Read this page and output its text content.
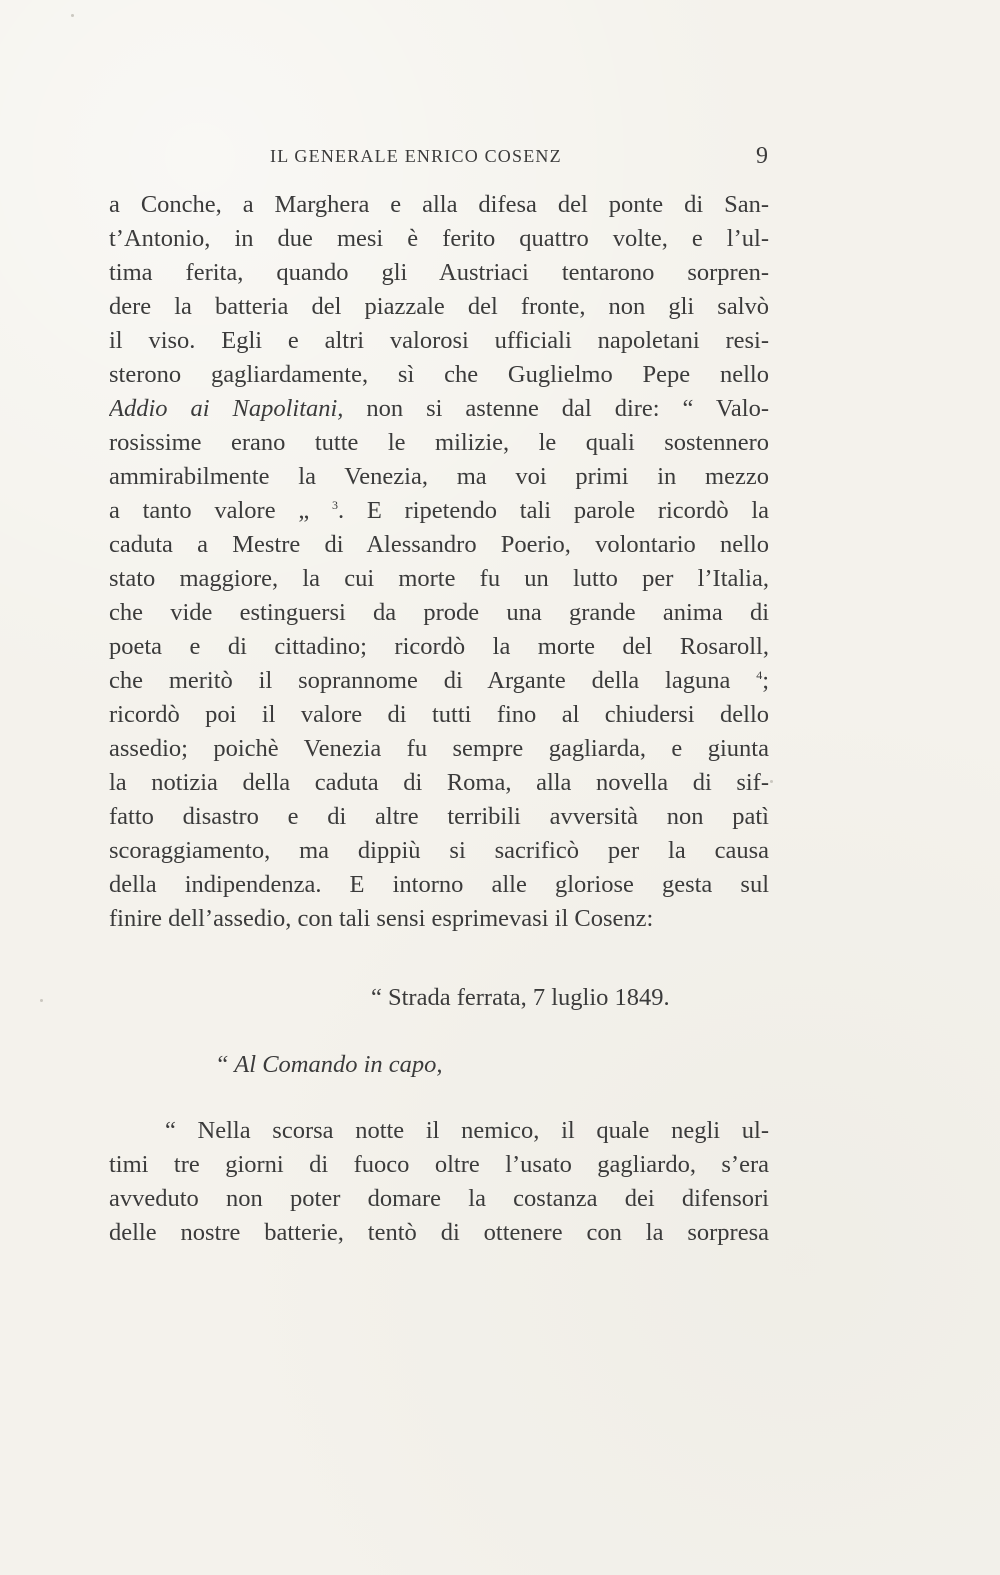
IL GENERALE ENRICO COSENZ	9
a Conche, a Marghera e alla difesa del ponte di San-
t’Antonio, in due mesi è ferito quattro volte, e l’ul-
tima ferita, quando gli Austriaci tentarono sorpren-
dere la batteria del piazzale del fronte, non gli salvò
il viso. Egli e altri valorosi ufficiali napoletani resi-
sterono gagliardamente, sì che Guglielmo Pepe nello
Addio ai Napolitani, non si astenne dal dire: “ Valo-
rosissime erano tutte le milizie, le quali sostennero
ammirabilmente la Venezia, ma voi primi in mezzo
a tanto valore „ $^3$. E ripetendo tali parole ricordò la
caduta a Mestre di Alessandro Poerio, volontario nello
stato maggiore, la cui morte fu un lutto per l’Italia,
che vide estinguersi da prode una grande anima di
poeta e di cittadino; ricordò la morte del Rosaroll,
che meritò il soprannome di Argante della laguna $^4$;
ricordò poi il valore di tutti fino al chiudersi dello
assedio; poichè Venezia fu sempre gagliarda, e giunta
la notizia della caduta di Roma, alla novella di sif-
fatto disastro e di altre terribili avversità non patì
scoraggiamento, ma dippiù si sacrificò per la causa
della indipendenza. E intorno alle gloriose gesta sul
finire dell’assedio, con tali sensi esprimevasi il Cosenz:
“ Strada ferrata, 7 luglio 1849.
“ Al Comando in capo,
“ Nella scorsa notte il nemico, il quale negli ul-
timi tre giorni di fuoco oltre l’usato gagliardo, s’era
avveduto non poter domare la costanza dei difensori
delle nostre batterie, tentò di ottenere con la sorpresa
